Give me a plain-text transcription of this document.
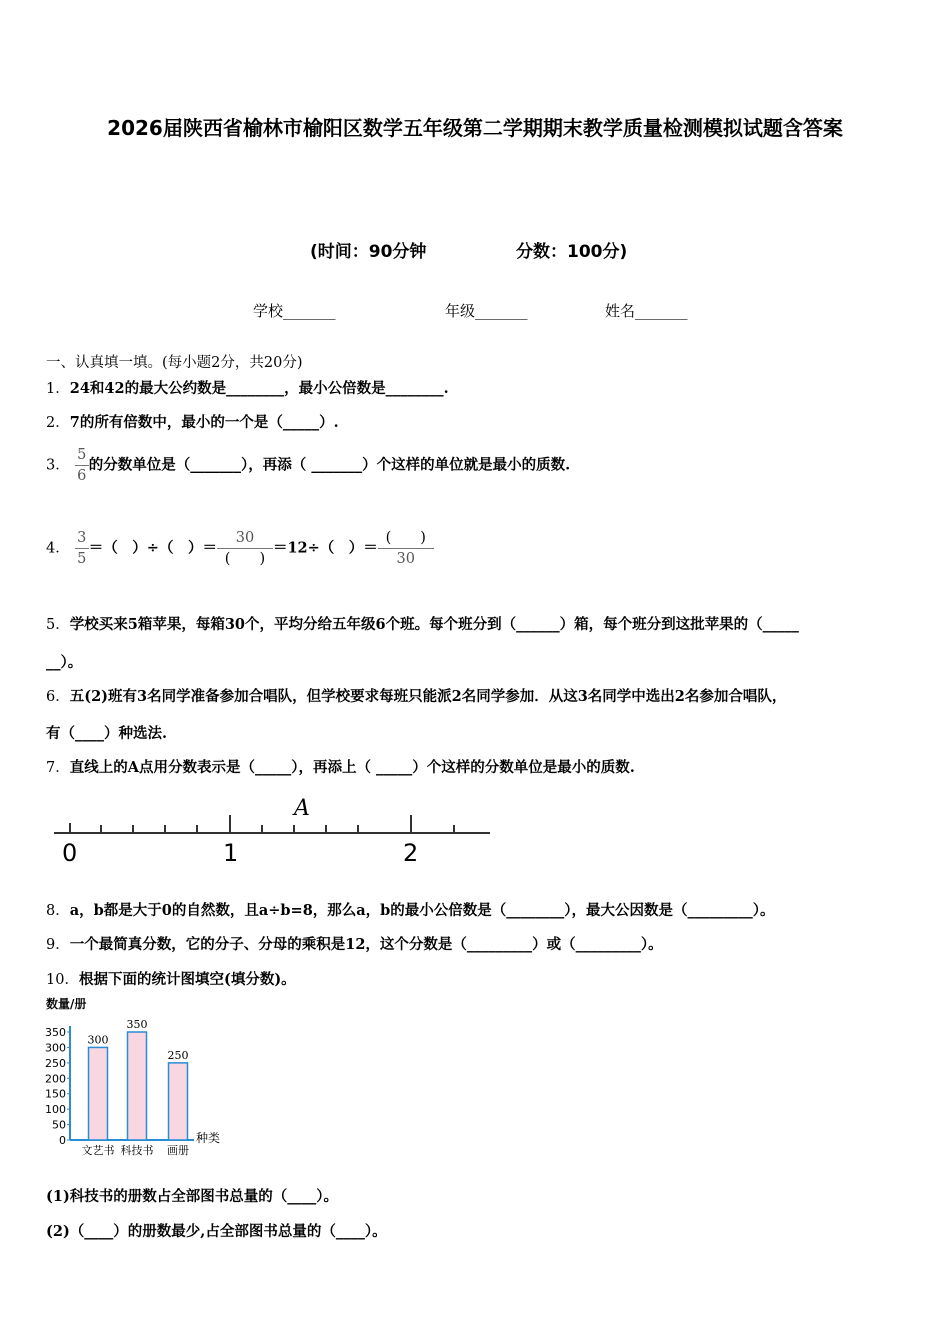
2026届陕西省榆林市榆阳区数学五年级第二学期期末教学质量检测模拟试题含答案
(时间：90分钟	分数：100分)
学校_______	年级_______	姓名_______
一、认真填一填。(每小题2分，共20分)
1．24和42的最大公约数是________，最小公倍数是________.
2．7的所有倍数中，最小的一个是（_____）.
3． $\frac{5}{6}$ 的分数单位是（_______），再添（ _______）个这样的单位就是最小的质数.
4． $\frac{3}{5}$ ＝（　）÷（　）＝ $\frac{30}{( )} =12\div$（　）＝ $\frac{( )}{30}$
5．学校买来5箱苹果，每箱30个，平均分给五年级6个班。每个班分到（______）箱，每个班分到这批苹果的（_____
__）。
6．五(2)班有3名同学准备参加合唱队，但学校要求每班只能派2名同学参加．从这3名同学中选出2名参加合唱队，
有（____）种选法.
7．直线上的A点用分数表示是（_____），再添上（ _____）个这样的分数单位是最小的质数.
A
0	1	2
8．a，b都是大于0的自然数，且a÷b=8，那么a，b的最小公倍数是（________），最大公因数是（_________）。
9．一个最简真分数，它的分子、分母的乘积是12，这个分数是（_________）或（_________）。
10．根据下面的统计图填空(填分数)。
数量/册
种类
0
50
100
150
200
250
300
350
300
文艺书
350
科技书
250
画册
(1)科技书的册数占全部图书总量的（____）。
(2)（____）的册数最少,占全部图书总量的（____）。
